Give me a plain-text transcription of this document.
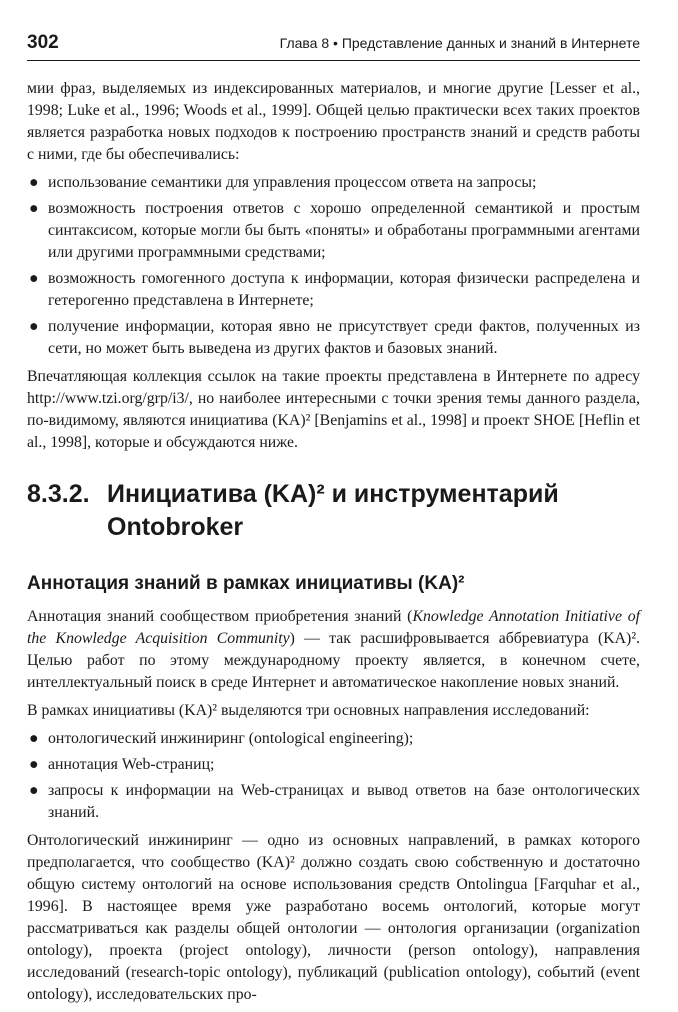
302	Глава 8 • Представление данных и знаний в Интернете

мии фраз, выделяемых из индексированных материалов, и многие другие [Lesser et al., 1998; Luke et al., 1996; Woods et al., 1999]. Общей целью практически всех таких проектов является разработка новых подходов к построению пространств знаний и средств работы с ними, где бы обеспечивались:

● использование семантики для управления процессом ответа на запросы;
● возможность построения ответов с хорошо определенной семантикой и простым синтаксисом, которые могли бы быть «поняты» и обработаны программными агентами или другими программными средствами;
● возможность гомогенного доступа к информации, которая физически распределена и гетерогенно представлена в Интернете;
● получение информации, которая явно не присутствует среди фактов, полученных из сети, но может быть выведена из других фактов и базовых знаний.

Впечатляющая коллекция ссылок на такие проекты представлена в Интернете по адресу http://www.tzi.org/grp/i3/, но наиболее интересными с точки зрения темы данного раздела, по-видимому, являются инициатива (KA)² [Benjamins et al., 1998] и проект SHOE [Heflin et al., 1998], которые и обсуждаются ниже.

8.3.2. Инициатива (KA)² и инструментарий
Ontobroker
Аннотация знаний в рамках инициативы (KA)²

Аннотация знаний сообществом приобретения знаний (Knowledge Annotation Initiative of the Knowledge Acquisition Community) — так расшифровывается аббревиатура (KA)². Целью работ по этому международному проекту является, в конечном счете, интеллектуальный поиск в среде Интернет и автоматическое накопление новых знаний.

В рамках инициативы (KA)² выделяются три основных направления исследований:

● онтологический инжиниринг (ontological engineering);
● аннотация Web-страниц;
● запросы к информации на Web-страницах и вывод ответов на базе онтологических знаний.

Онтологический инжиниринг — одно из основных направлений, в рамках которого предполагается, что сообщество (KA)² должно создать свою собственную и достаточно общую систему онтологий на основе использования средств Ontolingua [Farquhar et al., 1996]. В настоящее время уже разработано восемь онтологий, которые могут рассматриваться как разделы общей онтологии — онтология организации (organization ontology), проекта (project ontology), личности (person ontology), направления исследований (research-topic ontology), публикаций (publication ontology), событий (event ontology), исследовательских про-
